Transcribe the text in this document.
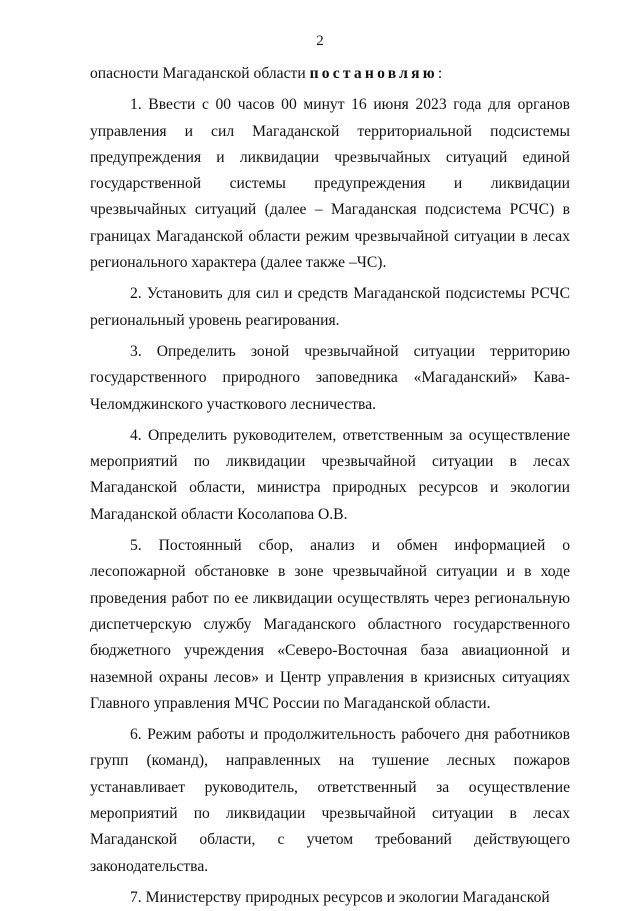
2

опасности Магаданской области постановляю:

1. Ввести с 00 часов 00 минут 16 июня 2023 года для органов управления и сил Магаданской территориальной подсистемы предупреждения и ликвидации чрезвычайных ситуаций единой государственной системы предупреждения и ликвидации чрезвычайных ситуаций (далее – Магаданская подсистема РСЧС) в границах Магаданской области режим чрезвычайной ситуации в лесах регионального характера (далее также –ЧС).

2. Установить для сил и средств Магаданской подсистемы РСЧС региональный уровень реагирования.

3. Определить зоной чрезвычайной ситуации территорию государственного природного заповедника «Магаданский» Кава-Челомджинского участкового лесничества.

4. Определить руководителем, ответственным за осуществление мероприятий по ликвидации чрезвычайной ситуации в лесах Магаданской области, министра природных ресурсов и экологии Магаданской области Косолапова О.В.

5. Постоянный сбор, анализ и обмен информацией о лесопожарной обстановке в зоне чрезвычайной ситуации и в ходе проведения работ по ее ликвидации осуществлять через региональную диспетчерскую службу Магаданского областного государственного бюджетного учреждения «Северо-Восточная база авиационной и наземной охраны лесов» и Центр управления в кризисных ситуациях Главного управления МЧС России по Магаданской области.

6. Режим работы и продолжительность рабочего дня работников групп (команд), направленных на тушение лесных пожаров устанавливает руководитель, ответственный за осуществление мероприятий по ликвидации чрезвычайной ситуации в лесах Магаданской области, с учетом требований действующего законодательства.

7. Министерству природных ресурсов и экологии Магаданской
